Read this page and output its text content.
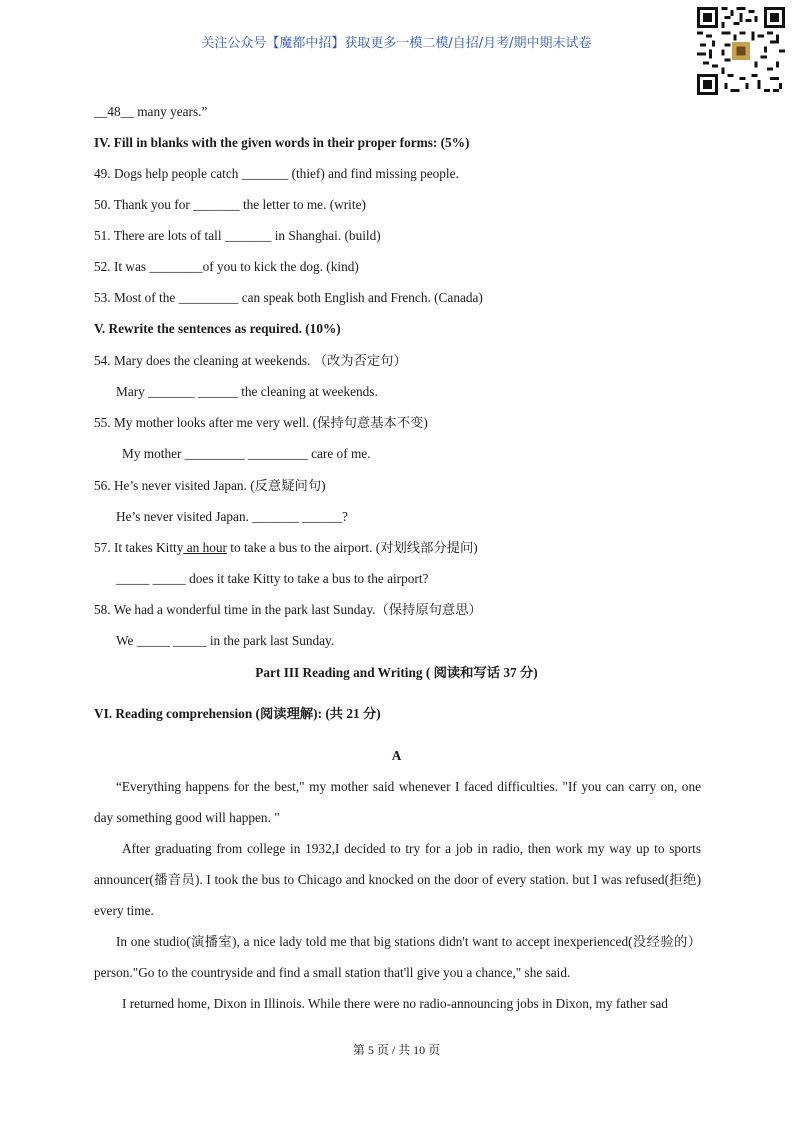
关注公众号【魔都中招】获取更多一模二模/自招/月考/期中期末试卷
__48__ many years.”
IV. Fill in blanks with the given words in their proper forms: (5%)
49. Dogs help people catch _______ (thief) and find missing people.
50. Thank you for _______ the letter to me. (write)
51. There are lots of tall _______ in Shanghai. (build)
52. It was ________of you to kick the dog. (kind)
53. Most of the _________ can speak both English and French. (Canada)
V. Rewrite the sentences as required. (10%)
54. Mary does the cleaning at weekends. （改为否定句）
Mary _______ ______ the cleaning at weekends.
55. My mother looks after me very well. (保持句意基本不变)
My mother _________ _________ care of me.
56. He’s never visited Japan. (反意疑问句)
He’s never visited Japan. _______ ______?
57. It takes Kitty an hour to take a bus to the airport. (对划线部分提问)
_____ _____ does it take Kitty to take a bus to the airport?
58. We had a wonderful time in the park last Sunday.（保持原句意思）
We _____ _____ in the park last Sunday.
Part III Reading and Writing ( 阅读和写话 37 分)
VI. Reading comprehension (阅读理解): (共 21 分)
A
“Everything happens for the best," my mother said whenever I faced difficulties. "If you can carry on, one day something good will happen. "
After graduating from college in 1932,I decided to try for a job in radio, then work my way up to sports announcer(播音员). I took the bus to Chicago and knocked on the door of every station. but I was refused(拒绝) every time.
In one studio(演播室), a nice lady told me that big stations didn't want to accept inexperienced(没经验的） person."Go to the countryside and find a small station that'll give you a chance," she said.
I returned home, Dixon in Illinois. While there were no radio-announcing jobs in Dixon, my father sad
第 5 页 / 共 10 页
